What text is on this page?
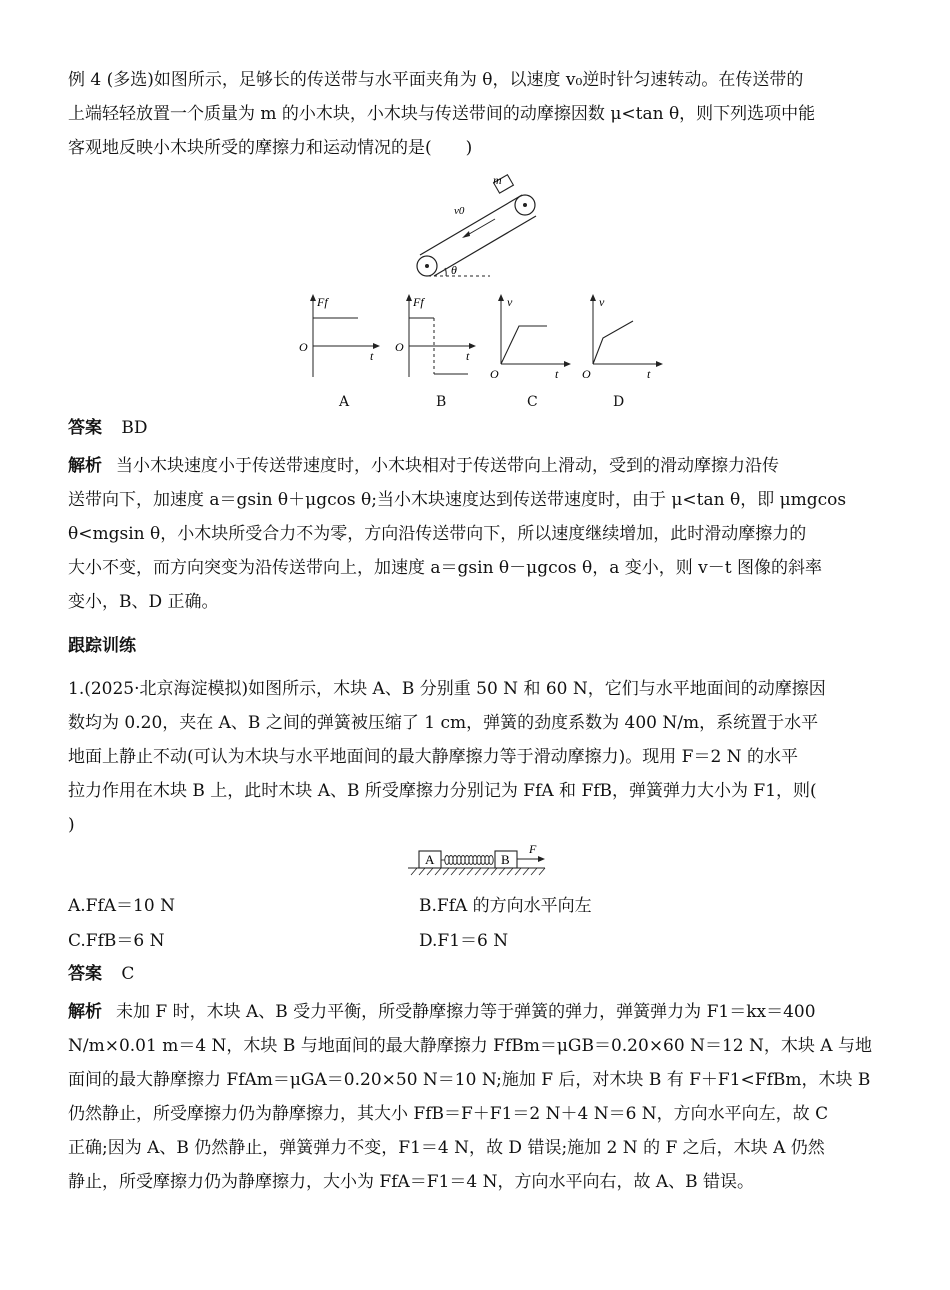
例 4 (多选)如图所示，足够长的传送带与水平面夹角为 θ，以速度 v₀逆时针匀速转动。在传送带的
上端轻轻放置一个质量为 m 的小木块，小木块与传送带间的动摩擦因数 μ<tan θ，则下列选项中能
客观地反映小木块所受的摩擦力和运动情况的是(　　)
m
v0
θ
Ff
t
O
Ff
t
O
v
t
O
v
t
O
A	B	C	D
答案 BD
解析 当小木块速度小于传送带速度时，小木块相对于传送带向上滑动，受到的滑动摩擦力沿传
送带向下，加速度 a＝gsin θ＋μgcos θ;当小木块速度达到传送带速度时，由于 μ<tan θ，即 μmgcos
θ<mgsin θ，小木块所受合力不为零，方向沿传送带向下，所以速度继续增加，此时滑动摩擦力的
大小不变，而方向突变为沿传送带向上，加速度 a＝gsin θ－μgcos θ，a 变小，则 v－t 图像的斜率
变小，B、D 正确。
跟踪训练
1.(2025·北京海淀模拟)如图所示，木块 A、B 分别重 50 N 和 60 N，它们与水平地面间的动摩擦因
数均为 0.20，夹在 A、B 之间的弹簧被压缩了 1 cm，弹簧的劲度系数为 400 N/m，系统置于水平
地面上静止不动(可认为木块与水平地面间的最大静摩擦力等于滑动摩擦力)。现用 F＝2 N 的水平
拉力作用在木块 B 上，此时木块 A、B 所受摩擦力分别记为 FfA 和 FfB，弹簧弹力大小为 F1，则(
)
A	B
F
A.FfA＝10 N	B.FfA 的方向水平向左
C.FfB＝6 N	D.F1＝6 N
答案 C
解析 未加 F 时，木块 A、B 受力平衡，所受静摩擦力等于弹簧的弹力，弹簧弹力为 F1＝kx＝400
N/m×0.01 m＝4 N，木块 B 与地面间的最大静摩擦力 FfBm＝μGB＝0.20×60 N＝12 N，木块 A 与地
面间的最大静摩擦力 FfAm＝μGA＝0.20×50 N＝10 N;施加 F 后，对木块 B 有 F＋F1<FfBm，木块 B
仍然静止，所受摩擦力仍为静摩擦力，其大小 FfB＝F＋F1＝2 N＋4 N＝6 N，方向水平向左，故 C
正确;因为 A、B 仍然静止，弹簧弹力不变，F1＝4 N，故 D 错误;施加 2 N 的 F 之后，木块 A 仍然
静止，所受摩擦力仍为静摩擦力，大小为 FfA＝F1＝4 N，方向水平向右，故 A、B 错误。
